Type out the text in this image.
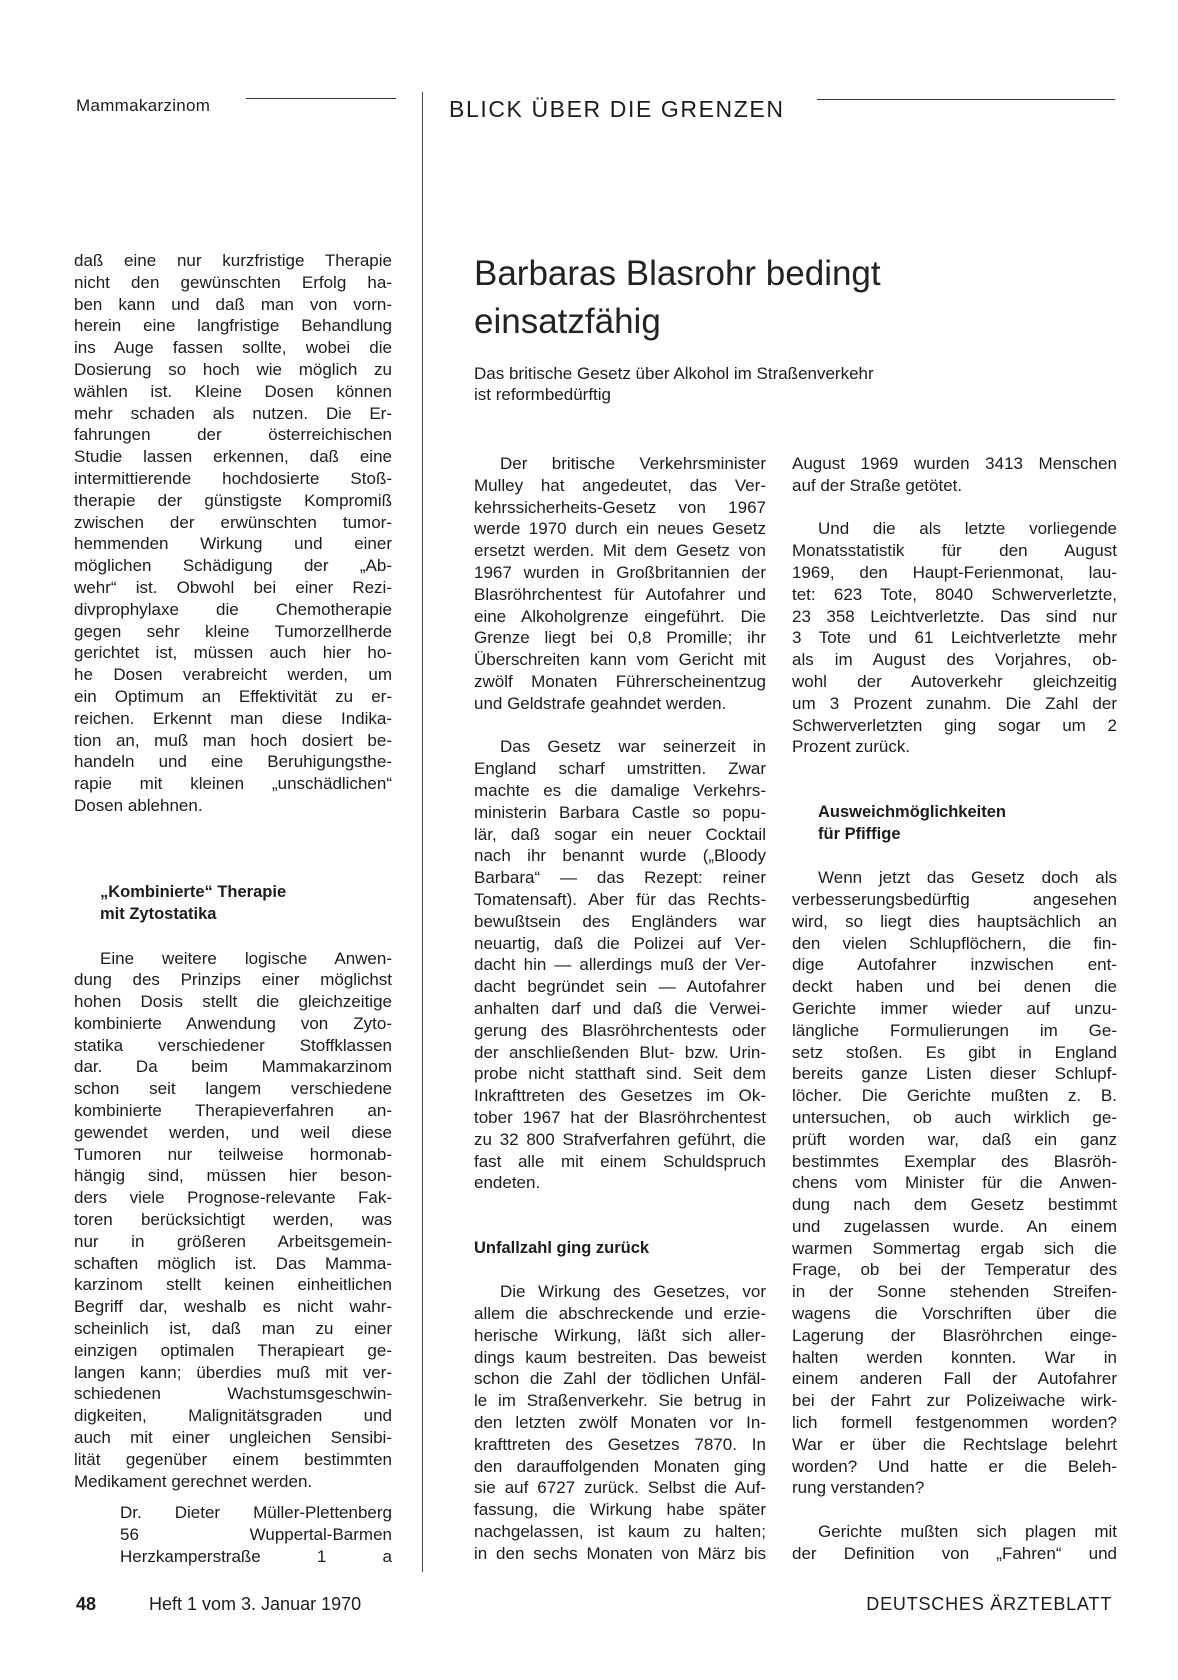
Mammakarzinom	BLICK ÜBER DIE GRENZEN
Barbaras Blasrohr bedingt
einsatzfähig
Das britische Gesetz über Alkohol im Straßenverkehr
ist reformbedürftig

daß eine nur kurzfristige Therapie

nicht den gewünschten Erfolg ha-

ben kann und daß man von vorn-

herein eine langfristige Behandlung

ins Auge fassen sollte, wobei die

Dosierung so hoch wie möglich zu

wählen ist. Kleine Dosen können

mehr schaden als nutzen. Die Er-

fahrungen der österreichischen

Studie lassen erkennen, daß eine

intermittierende hochdosierte Stoß-

therapie der günstigste Kompromiß

zwischen der erwünschten tumor-

hemmenden Wirkung und einer

möglichen Schädigung der „Ab-

wehr“ ist. Obwohl bei einer Rezi-

divprophylaxe die Chemotherapie

gegen sehr kleine Tumorzellherde

gerichtet ist, müssen auch hier ho-

he Dosen verabreicht werden, um

ein Optimum an Effektivität zu er-

reichen. Erkennt man diese Indika-

tion an, muß man hoch dosiert be-

handeln und eine Beruhigungsthe-

rapie mit kleinen „unschädlichen“

Dosen ablehnen.

„Kombinierte“ Therapie
mit Zytostatika

Eine weitere logische Anwen-

dung des Prinzips einer möglichst

hohen Dosis stellt die gleichzeitige

kombinierte Anwendung von Zyto-

statika verschiedener Stoffklassen

dar. Da beim Mammakarzinom

schon seit langem verschiedene

kombinierte Therapieverfahren an-

gewendet werden, und weil diese

Tumoren nur teilweise hormonab-

hängig sind, müssen hier beson-

ders viele Prognose-relevante Fak-

toren berücksichtigt werden, was

nur in größeren Arbeitsgemein-

schaften möglich ist. Das Mamma-

karzinom stellt keinen einheitlichen

Begriff dar, weshalb es nicht wahr-

scheinlich ist, daß man zu einer

einzigen optimalen Therapieart ge-

langen kann; überdies muß mit ver-

schiedenen Wachstumsgeschwin-

digkeiten, Malignitätsgraden und

auch mit einer ungleichen Sensibi-

lität gegenüber einem bestimmten

Medikament gerechnet werden.

Dr. Dieter Müller-Plettenberg

56 Wuppertal-Barmen

Herzkamperstraße 1 a

Der britische Verkehrsminister

Mulley hat angedeutet, das Ver-

kehrssicherheits-Gesetz von 1967

werde 1970 durch ein neues Gesetz

ersetzt werden. Mit dem Gesetz von

1967 wurden in Großbritannien der

Blasröhrchentest für Autofahrer und

eine Alkoholgrenze eingeführt. Die

Grenze liegt bei 0,8 Promille; ihr

Überschreiten kann vom Gericht mit

zwölf Monaten Führerscheinentzug

und Geldstrafe geahndet werden.

Das Gesetz war seinerzeit in

England scharf umstritten. Zwar

machte es die damalige Verkehrs-

ministerin Barbara Castle so popu-

lär, daß sogar ein neuer Cocktail

nach ihr benannt wurde („Bloody

Barbara“ — das Rezept: reiner

Tomatensaft). Aber für das Rechts-

bewußtsein des Engländers war

neuartig, daß die Polizei auf Ver-

dacht hin — allerdings muß der Ver-

dacht begründet sein — Autofahrer

anhalten darf und daß die Verwei-

gerung des Blasröhrchentests oder

der anschließenden Blut- bzw. Urin-

probe nicht statthaft sind. Seit dem

Inkrafttreten des Gesetzes im Ok-

tober 1967 hat der Blasröhrchentest

zu 32 800 Strafverfahren geführt, die

fast alle mit einem Schuldspruch

endeten.

Unfallzahl ging zurück

Die Wirkung des Gesetzes, vor

allem die abschreckende und erzie-

herische Wirkung, läßt sich aller-

dings kaum bestreiten. Das beweist

schon die Zahl der tödlichen Unfäl-

le im Straßenverkehr. Sie betrug in

den letzten zwölf Monaten vor In-

krafttreten des Gesetzes 7870. In

den darauffolgenden Monaten ging

sie auf 6727 zurück. Selbst die Auf-

fassung, die Wirkung habe später

nachgelassen, ist kaum zu halten;

in den sechs Monaten von März bis

August 1969 wurden 3413 Menschen

auf der Straße getötet.

Und die als letzte vorliegende

Monatsstatistik für den August

1969, den Haupt-Ferienmonat, lau-

tet: 623 Tote, 8040 Schwerverletzte,

23 358 Leichtverletzte. Das sind nur

3 Tote und 61 Leichtverletzte mehr

als im August des Vorjahres, ob-

wohl der Autoverkehr gleichzeitig

um 3 Prozent zunahm. Die Zahl der

Schwerverletzten ging sogar um 2

Prozent zurück.

Ausweichmöglichkeiten
für Pfiffige

Wenn jetzt das Gesetz doch als

verbesserungsbedürftig angesehen

wird, so liegt dies hauptsächlich an

den vielen Schlupflöchern, die fin-

dige Autofahrer inzwischen ent-

deckt haben und bei denen die

Gerichte immer wieder auf unzu-

längliche Formulierungen im Ge-

setz stoßen. Es gibt in England

bereits ganze Listen dieser Schlupf-

löcher. Die Gerichte mußten z. B.

untersuchen, ob auch wirklich ge-

prüft worden war, daß ein ganz

bestimmtes Exemplar des Blasröh-

chens vom Minister für die Anwen-

dung nach dem Gesetz bestimmt

und zugelassen wurde. An einem

warmen Sommertag ergab sich die

Frage, ob bei der Temperatur des

in der Sonne stehenden Streifen-

wagens die Vorschriften über die

Lagerung der Blasröhrchen einge-

halten werden konnten. War in

einem anderen Fall der Autofahrer

bei der Fahrt zur Polizeiwache wirk-

lich formell festgenommen worden?

War er über die Rechtslage belehrt

worden? Und hatte er die Beleh-

rung verstanden?

Gerichte mußten sich plagen mit

der Definition von „Fahren“ und

48	Heft 1 vom 3. Januar 1970	DEUTSCHES ÄRZTEBLATT
